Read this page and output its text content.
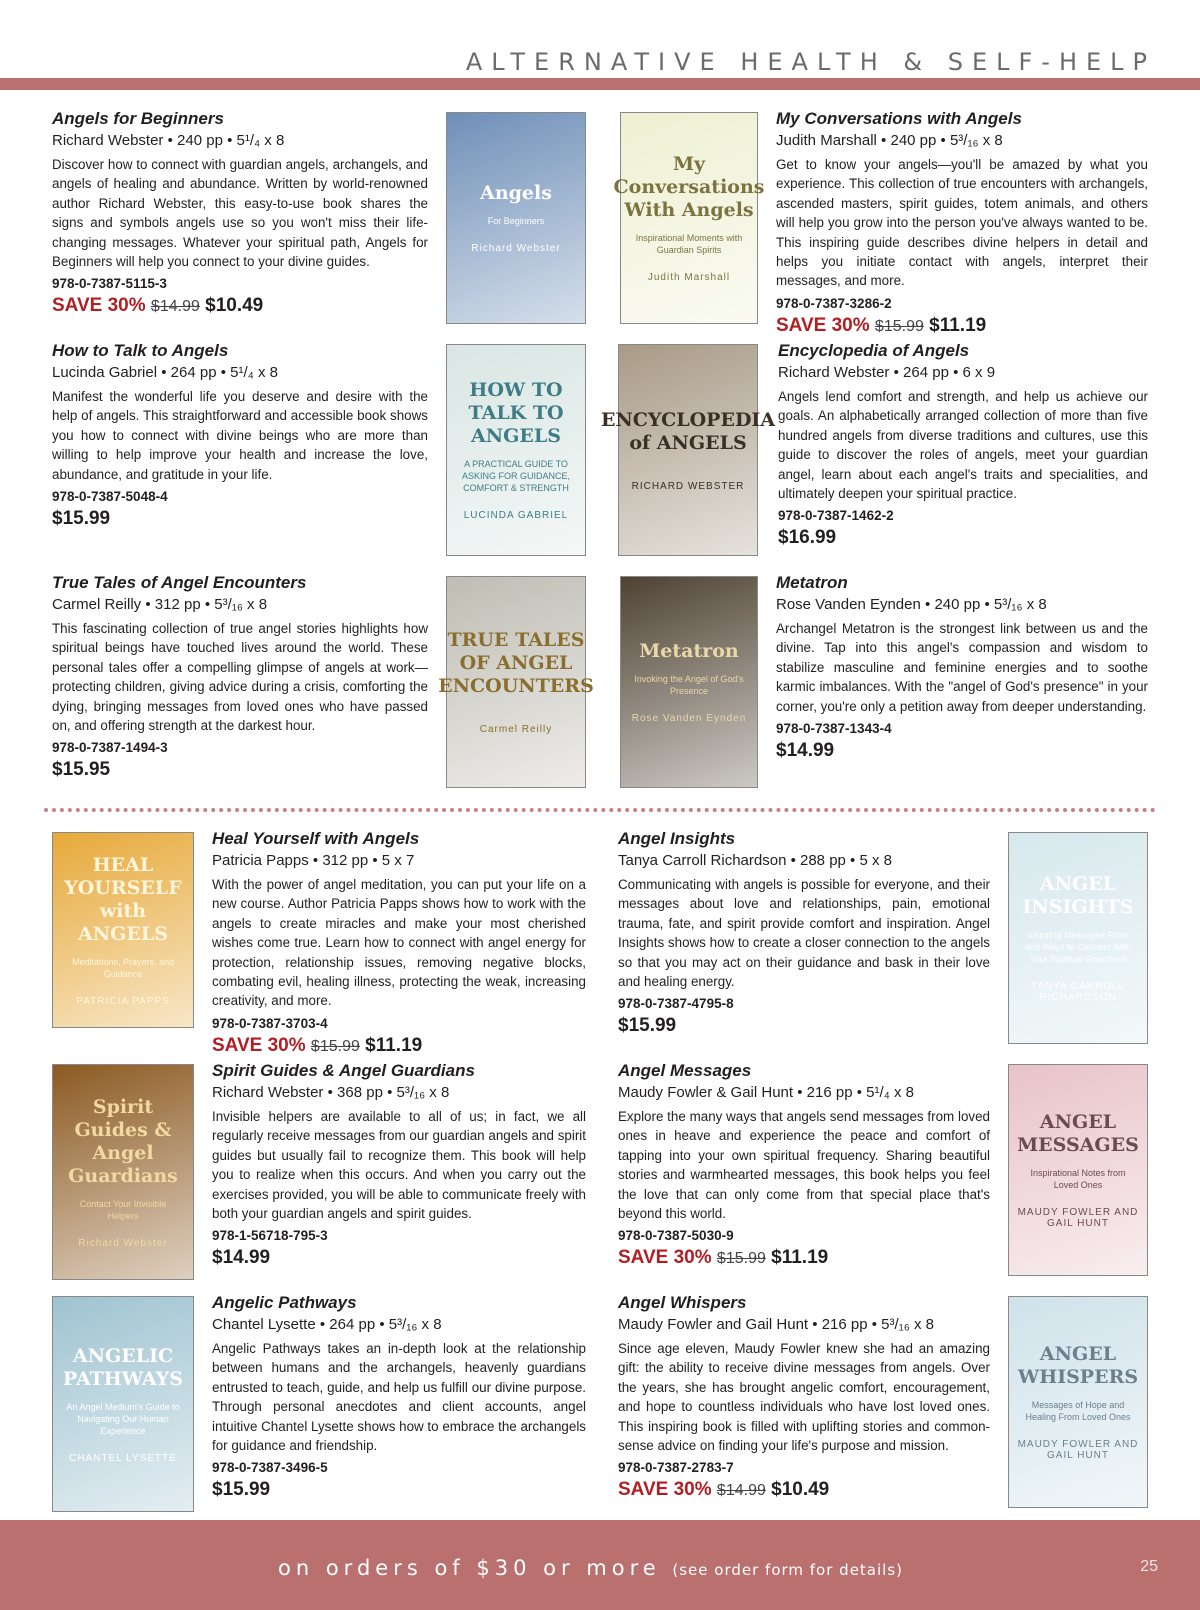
ALTERNATIVE HEALTH & SELF-HELP

Angels for Beginners

Richard Webster • 240 pp • 5¹/₄ x 8

Discover how to connect with guardian angels, archangels, and angels of healing and abundance. Written by world-renowned author Richard Webster, this easy-to-use book shares the signs and symbols angels use so you won't miss their life-changing messages. Whatever your spiritual path, Angels for Beginners will help you connect to your divine guides.

978-0-7387-5115-3

SAVE 30% $14.99 $10.49

Angels
For Beginners
Richard Webster
My Conversations With Angels
Inspirational Moments with Guardian Spirits
Judith Marshall

My Conversations with Angels

Judith Marshall • 240 pp • 5³/₁₆ x 8

Get to know your angels—you'll be amazed by what you experience. This collection of true encounters with archangels, ascended masters, spirit guides, totem animals, and others will help you grow into the person you've always wanted to be. This inspiring guide describes divine helpers in detail and helps you initiate contact with angels, interpret their messages, and more.

978-0-7387-3286-2

SAVE 30% $15.99 $11.19

How to Talk to Angels

Lucinda Gabriel • 264 pp • 5¹/₄ x 8

Manifest the wonderful life you deserve and desire with the help of angels. This straightforward and accessible book shows you how to connect with divine beings who are more than willing to help improve your health and increase the love, abundance, and gratitude in your life.

978-0-7387-5048-4

$15.99

HOW TO TALK TO ANGELS
A PRACTICAL GUIDE TO ASKING FOR GUIDANCE, COMFORT & STRENGTH
LUCINDA GABRIEL
ENCYCLOPEDIA of ANGELS
RICHARD WEBSTER

Encyclopedia of Angels

Richard Webster • 264 pp • 6 x 9

Angels lend comfort and strength, and help us achieve our goals. An alphabetically arranged collection of more than five hundred angels from diverse traditions and cultures, use this guide to discover the roles of angels, meet your guardian angel, learn about each angel's traits and specialities, and ultimately deepen your spiritual practice.

978-0-7387-1462-2

$16.99

True Tales of Angel Encounters

Carmel Reilly • 312 pp • 5³/₁₆ x 8

This fascinating collection of true angel stories highlights how spiritual beings have touched lives around the world. These personal tales offer a compelling glimpse of angels at work—protecting children, giving advice during a crisis, comforting the dying, bringing messages from loved ones who have passed on, and offering strength at the darkest hour.

978-0-7387-1494-3

$15.95

TRUE TALES OF ANGEL ENCOUNTERS
Carmel Reilly
Metatron
Invoking the Angel of God's Presence
Rose Vanden Eynden

Metatron

Rose Vanden Eynden • 240 pp • 5³/₁₆ x 8

Archangel Metatron is the strongest link between us and the divine. Tap into this angel's compassion and wisdom to stabilize masculine and feminine energies and to soothe karmic imbalances. With the "angel of God's presence" in your corner, you're only a petition away from deeper understanding.

978-0-7387-1343-4

$14.99

HEAL YOURSELF with ANGELS
Meditations, Prayers, and Guidance
PATRICIA PAPPS

Heal Yourself with Angels

Patricia Papps • 312 pp • 5 x 7

With the power of angel meditation, you can put your life on a new course. Author Patricia Papps shows how to work with the angels to create miracles and make your most cherished wishes come true. Learn how to connect with angel energy for protection, relationship issues, removing negative blocks, combating evil, healing illness, protecting the weak, increasing creativity, and more.

978-0-7387-3703-4

SAVE 30% $15.99 $11.19

Angel Insights

Tanya Carroll Richardson • 288 pp • 5 x 8

Communicating with angels is possible for everyone, and their messages about love and relationships, pain, emotional trauma, fate, and spirit provide comfort and inspiration. Angel Insights shows how to create a closer connection to the angels so that you may act on their guidance and bask in their love and healing energy.

978-0-7387-4795-8

$15.99

ANGEL INSIGHTS
Inspiring Messages From and Ways to Connect With Your Spiritual Guardians
TANYA CARROLL RICHARDSON
Spirit Guides & Angel Guardians
Contact Your Invisible Helpers
Richard Webster

Spirit Guides & Angel Guardians

Richard Webster • 368 pp • 5³/₁₆ x 8

Invisible helpers are available to all of us; in fact, we all regularly receive messages from our guardian angels and spirit guides but usually fail to recognize them. This book will help you to realize when this occurs. And when you carry out the exercises provided, you will be able to communicate freely with both your guardian angels and spirit guides.

978-1-56718-795-3

$14.99

Angel Messages

Maudy Fowler & Gail Hunt • 216 pp • 5¹/₄ x 8

Explore the many ways that angels send messages from loved ones in heave and experience the peace and comfort of tapping into your own spiritual frequency. Sharing beautiful stories and warmhearted messages, this book helps you feel the love that can only come from that special place that's beyond this world.

978-0-7387-5030-9

SAVE 30% $15.99 $11.19

ANGEL MESSAGES
Inspirational Notes from Loved Ones
MAUDY FOWLER AND GAIL HUNT
ANGELIC PATHWAYS
An Angel Medium's Guide to Navigating Our Human Experience
CHANTEL LYSETTE

Angelic Pathways

Chantel Lysette • 264 pp • 5³/₁₆ x 8

Angelic Pathways takes an in-depth look at the relationship between humans and the archangels, heavenly guardians entrusted to teach, guide, and help us fulfill our divine purpose. Through personal anecdotes and client accounts, angel intuitive Chantel Lysette shows how to embrace the archangels for guidance and friendship.

978-0-7387-3496-5

$15.99

Angel Whispers

Maudy Fowler and Gail Hunt • 216 pp • 5³/₁₆ x 8

Since age eleven, Maudy Fowler knew she had an amazing gift: the ability to receive divine messages from angels. Over the years, she has brought angelic comfort, encouragement, and hope to countless individuals who have lost loved ones. This inspiring book is filled with uplifting stories and common-sense advice on finding your life's purpose and mission.

978-0-7387-2783-7

SAVE 30% $14.99 $10.49

ANGEL WHISPERS
Messages of Hope and Healing From Loved Ones
MAUDY FOWLER AND GAIL HUNT
on orders of $30 or more (see order form for details)	25
